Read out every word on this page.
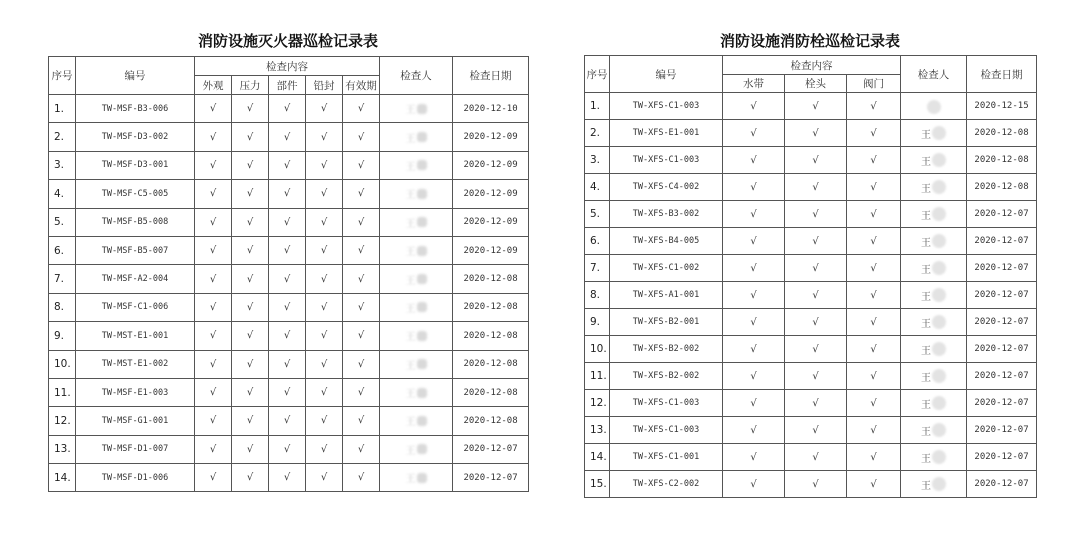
消防设施灭火器巡检记录表
序号	编号	检查内容					检查人	检查日期
		外观	压力	部件	铅封	有效期		
1.	TW-MSF-B3-006	√	√	√	√	√	王	2020-12-10
2.	TW-MSF-D3-002	√	√	√	√	√	王	2020-12-09
3.	TW-MSF-D3-001	√	√	√	√	√	王	2020-12-09
4.	TW-MSF-C5-005	√	√	√	√	√	王	2020-12-09
5.	TW-MSF-B5-008	√	√	√	√	√	王	2020-12-09
6.	TW-MSF-B5-007	√	√	√	√	√	王	2020-12-09
7.	TW-MSF-A2-004	√	√	√	√	√	王	2020-12-08
8.	TW-MSF-C1-006	√	√	√	√	√	王	2020-12-08
9.	TW-MST-E1-001	√	√	√	√	√	王	2020-12-08
10.	TW-MST-E1-002	√	√	√	√	√	王	2020-12-08
11.	TW-MSF-E1-003	√	√	√	√	√	王	2020-12-08
12.	TW-MSF-G1-001	√	√	√	√	√	王	2020-12-08
13.	TW-MSF-D1-007	√	√	√	√	√	王	2020-12-07
14.	TW-MSF-D1-006	√	√	√	√	√	王	2020-12-07
消防设施消防栓巡检记录表
序号	编号	检查内容			检查人	检查日期
		水带	栓头	阀门		
1.	TW-XFS-C1-003	√	√	√		2020-12-15
2.	TW-XFS-E1-001	√	√	√	王	2020-12-08
3.	TW-XFS-C1-003	√	√	√	王	2020-12-08
4.	TW-XFS-C4-002	√	√	√	王	2020-12-08
5.	TW-XFS-B3-002	√	√	√	王	2020-12-07
6.	TW-XFS-B4-005	√	√	√	王	2020-12-07
7.	TW-XFS-C1-002	√	√	√	王	2020-12-07
8.	TW-XFS-A1-001	√	√	√	王	2020-12-07
9.	TW-XFS-B2-001	√	√	√	王	2020-12-07
10.	TW-XFS-B2-002	√	√	√	王	2020-12-07
11.	TW-XFS-B2-002	√	√	√	王	2020-12-07
12.	TW-XFS-C1-003	√	√	√	王	2020-12-07
13.	TW-XFS-C1-003	√	√	√	王	2020-12-07
14.	TW-XFS-C1-001	√	√	√	王	2020-12-07
15.	TW-XFS-C2-002	√	√	√	王	2020-12-07
